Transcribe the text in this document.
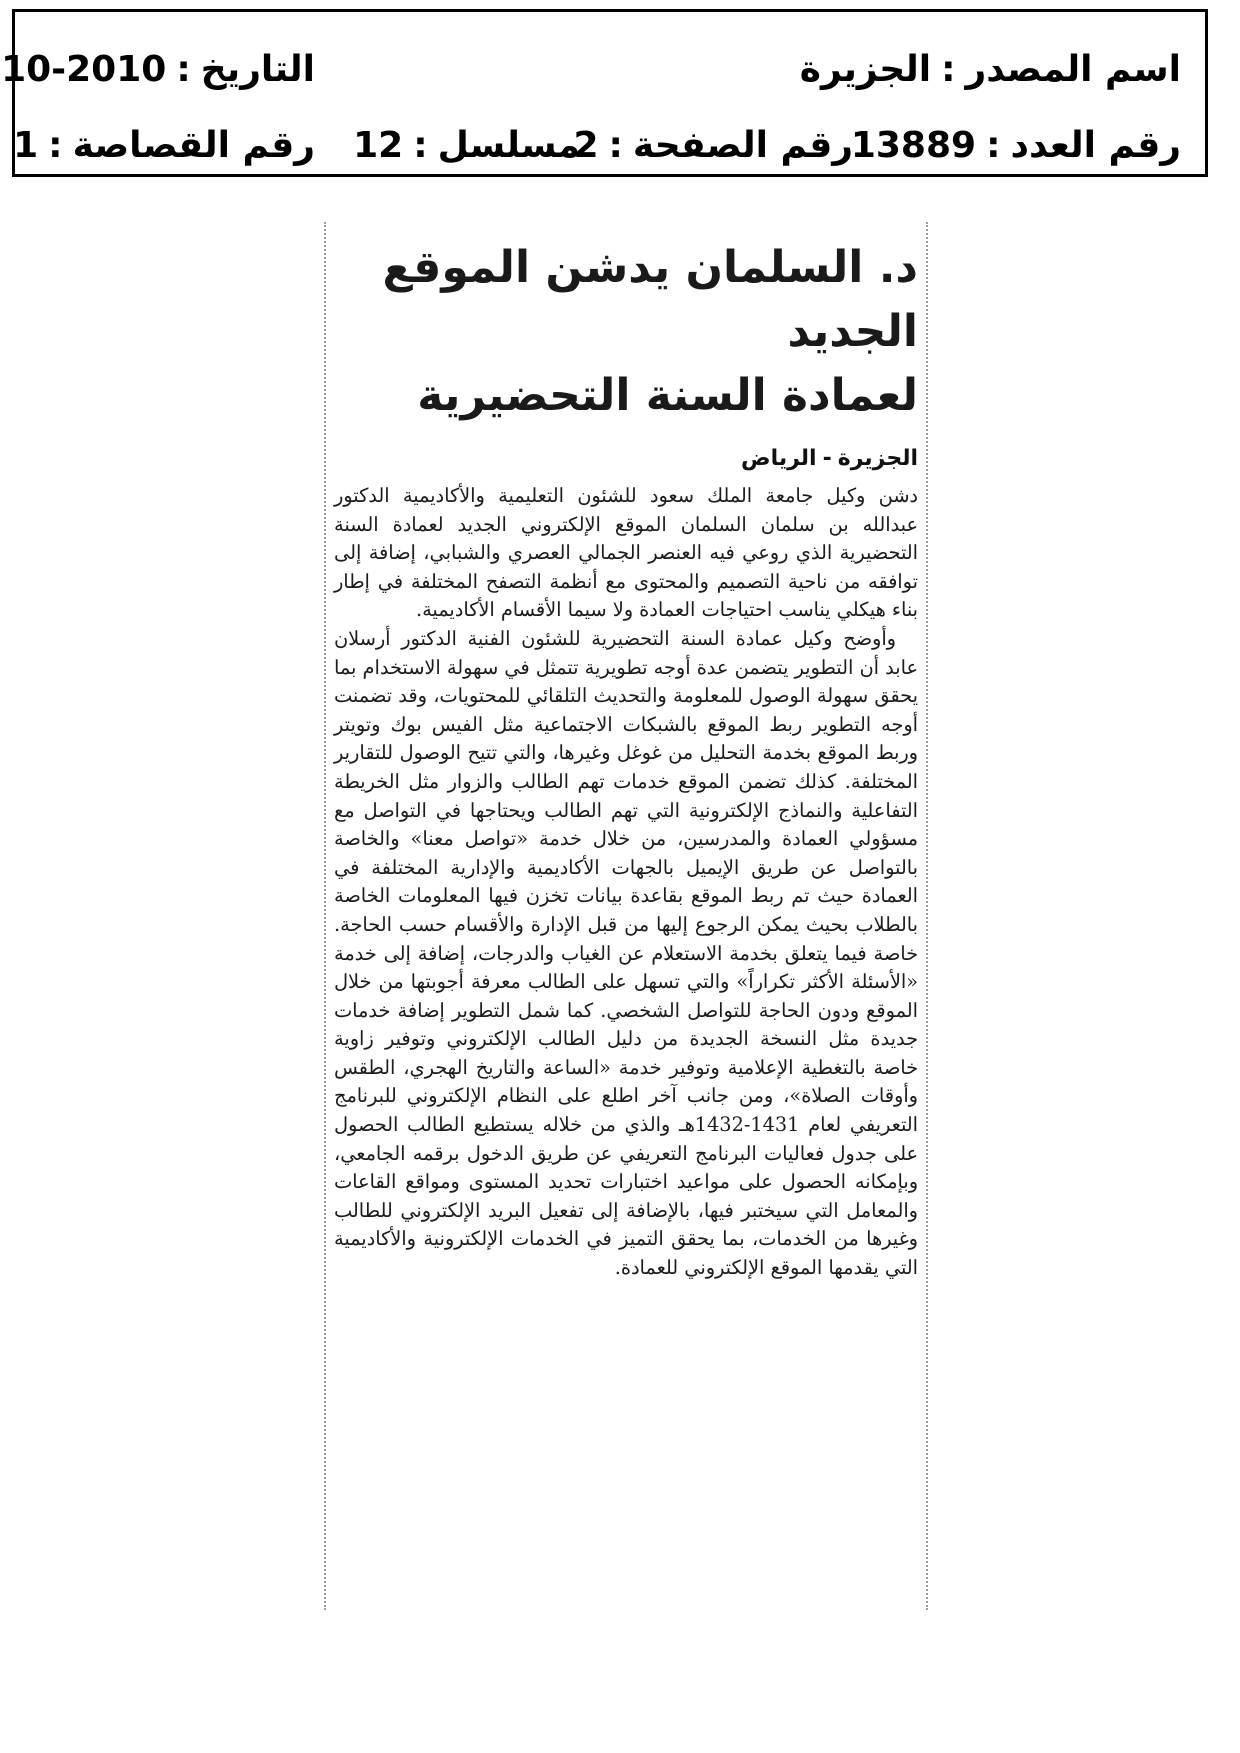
اسم المصدر:الجزيرة
التاريخ:2010-10
رقم العدد:13889
رقم الصفحة:2
مسلسل:12
رقم القصاصة:1
د. السلمان يدشن الموقع الجديد
لعمادة السنة التحضيرية
الجزيرة-الرياض

دشن وكيل جامعة الملك سعود للشئون التعليمية والأكاديمية الدكتور عبدالله بن سلمان السلمان الموقع الإلكتروني الجديد لعمادة السنة التحضيرية الذي روعي فيه العنصر الجمالي العصري والشبابي، إضافة إلى توافقه من ناحية التصميم والمحتوى مع أنظمة التصفح المختلفة في إطار بناء هيكلي يناسب احتياجات العمادة ولا سيما الأقسام الأكاديمية.

وأوضح وكيل عمادة السنة التحضيرية للشئون الفنية الدكتور أرسلان عابد أن التطوير يتضمن عدة أوجه تطويرية تتمثل في سهولة الاستخدام بما يحقق سهولة الوصول للمعلومة والتحديث التلقائي للمحتويات، وقد تضمنت أوجه التطوير ربط الموقع بالشبكات الاجتماعية مثل الفيس بوك وتويتر وربط الموقع بخدمة التحليل من غوغل وغيرها، والتي تتيح الوصول للتقارير المختلفة. كذلك تضمن الموقع خدمات تهم الطالب والزوار مثل الخريطة التفاعلية والنماذج الإلكترونية التي تهم الطالب ويحتاجها في التواصل مع مسؤولي العمادة والمدرسين، من خلال خدمة «تواصل معنا» والخاصة بالتواصل عن طريق الإيميل بالجهات الأكاديمية والإدارية المختلفة في العمادة حيث تم ربط الموقع بقاعدة بيانات تخزن فيها المعلومات الخاصة بالطلاب بحيث يمكن الرجوع إليها من قبل الإدارة والأقسام حسب الحاجة. خاصة فيما يتعلق بخدمة الاستعلام عن الغياب والدرجات، إضافة إلى خدمة «الأسئلة الأكثر تكراراً» والتي تسهل على الطالب معرفة أجوبتها من خلال الموقع ودون الحاجة للتواصل الشخصي. كما شمل التطوير إضافة خدمات جديدة مثل النسخة الجديدة من دليل الطالب الإلكتروني وتوفير زاوية خاصة بالتغطية الإعلامية وتوفير خدمة «الساعة والتاريخ الهجري، الطقس وأوقات الصلاة»، ومن جانب آخر اطلع على النظام الإلكتروني للبرنامج التعريفي لعام 1431-1432هـ والذي من خلاله يستطيع الطالب الحصول على جدول فعاليات البرنامج التعريفي عن طريق الدخول برقمه الجامعي، وبإمكانه الحصول على مواعيد اختبارات تحديد المستوى ومواقع القاعات والمعامل التي سيختبر فيها، بالإضافة إلى تفعيل البريد الإلكتروني للطالب وغيرها من الخدمات، بما يحقق التميز في الخدمات الإلكترونية والأكاديمية التي يقدمها الموقع الإلكتروني للعمادة.
